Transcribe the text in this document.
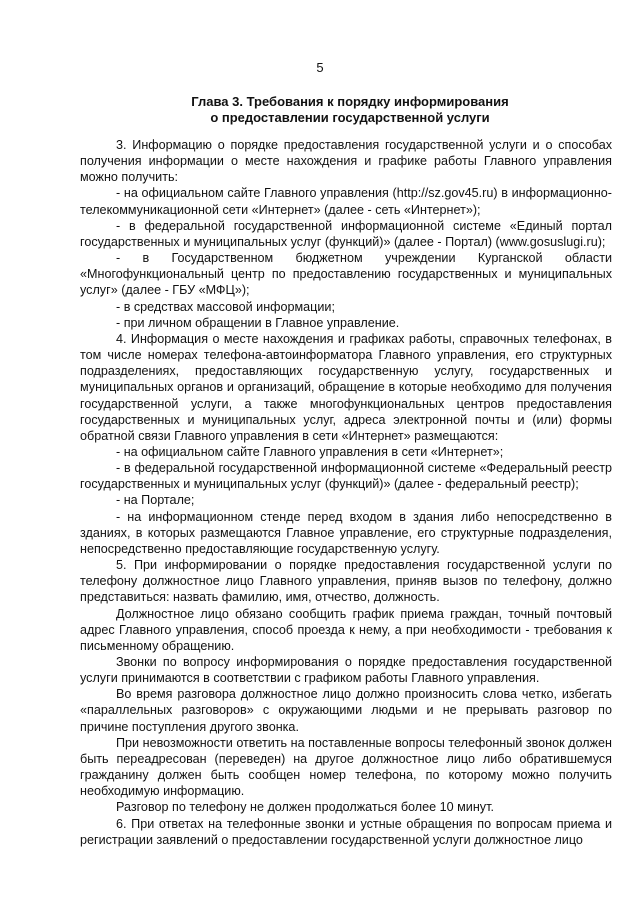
5
Глава 3. Требования к порядку информирования
о предоставлении государственной услуги

3. Информацию о порядке предоставления государственной услуги и о способах получения информации о месте нахождения и графике работы Главного управления можно получить:

- на официальном сайте Главного управления (http://sz.gov45.ru) в информационно-телекоммуникационной сети «Интернет» (далее - сеть «Интернет»);

- в федеральной государственной информационной системе «Единый портал государственных и муниципальных услуг (функций)» (далее - Портал) (www.gosuslugi.ru);

- в Государственном бюджетном учреждении Курганской области «Многофункциональный центр по предоставлению государственных и муниципальных услуг» (далее - ГБУ «МФЦ»);

- в средствах массовой информации;

- при личном обращении в Главное управление.

4. Информация о месте нахождения и графиках работы, справочных телефонах, в том числе номерах телефона-автоинформатора Главного управления, его структурных подразделениях, предоставляющих государственную услугу, государственных и муниципальных органов и организаций, обращение в которые необходимо для получения государственной услуги, а также многофункциональных центров предоставления государственных и муниципальных услуг, адреса электронной почты и (или) формы обратной связи Главного управления в сети «Интернет» размещаются:

- на официальном сайте Главного управления в сети «Интернет»;

- в федеральной государственной информационной системе «Федеральный реестр государственных и муниципальных услуг (функций)» (далее - федеральный реестр);

- на Портале;

- на информационном стенде перед входом в здания либо непосредственно в зданиях, в которых размещаются Главное управление, его структурные подразделения, непосредственно предоставляющие государственную услугу.

5. При информировании о порядке предоставления государственной услуги по телефону должностное лицо Главного управления, приняв вызов по телефону, должно представиться: назвать фамилию, имя, отчество, должность.

Должностное лицо обязано сообщить график приема граждан, точный почтовый адрес Главного управления, способ проезда к нему, а при необходимости - требования к письменному обращению.

Звонки по вопросу информирования о порядке предоставления государственной услуги принимаются в соответствии с графиком работы Главного управления.

Во время разговора должностное лицо должно произносить слова четко, избегать «параллельных разговоров» с окружающими людьми и не прерывать разговор по причине поступления другого звонка.

При невозможности ответить на поставленные вопросы телефонный звонок должен быть переадресован (переведен) на другое должностное лицо либо обратившемуся гражданину должен быть сообщен номер телефона, по которому можно получить необходимую информацию.

Разговор по телефону не должен продолжаться более 10 минут.

6. При ответах на телефонные звонки и устные обращения по вопросам приема и регистрации заявлений о предоставлении государственной услуги должностное лицо
